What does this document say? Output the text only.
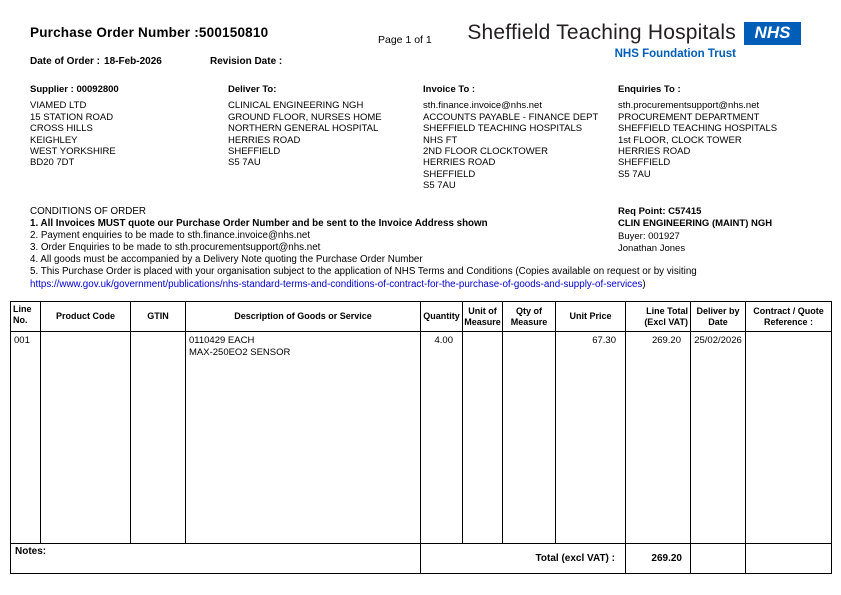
Purchase Order Number :500150810	Page 1 of 1 Sheffield Teaching Hospitals	NHS
NHS Foundation Trust
Date of Order : 18-Feb-2026	Revision Date :
Supplier : 00092800
VIAMED LTD
15 STATION ROAD
CROSS HILLS
KEIGHLEY
WEST YORKSHIRE
BD20 7DT
Deliver To:
CLINICAL ENGINEERING NGH
GROUND FLOOR, NURSES HOME
NORTHERN GENERAL HOSPITAL
HERRIES ROAD
SHEFFIELD
S5 7AU
Invoice To :
sth.finance.invoice@nhs.net
ACCOUNTS PAYABLE - FINANCE DEPT
SHEFFIELD TEACHING HOSPITALS
NHS FT
2ND FLOOR CLOCKTOWER
HERRIES ROAD
SHEFFIELD
S5 7AU
Enquiries To :
sth.procurementsupport@nhs.net
PROCUREMENT DEPARTMENT
SHEFFIELD TEACHING HOSPITALS
1st FLOOR, CLOCK TOWER
HERRIES ROAD
SHEFFIELD
S5 7AU
CONDITIONS OF ORDER
1. All Invoices MUST quote our Purchase Order Number and be sent to the Invoice Address shown
2. Payment enquiries to be made to sth.finance.invoice@nhs.net
3. Order Enquiries to be made to sth.procurementsupport@nhs.net
4. All goods must be accompanied by a Delivery Note quoting the Purchase Order Number
5. This Purchase Order is placed with your organisation subject to the application of NHS Terms and Conditions (Copies available on request or by visiting
https://www.gov.uk/government/publications/nhs-standard-terms-and-conditions-of-contract-for-the-purchase-of-goods-and-supply-of-services)
Req Point: C57415
CLIN ENGINEERING (MAINT) NGH
Buyer: 001927
Jonathan Jones
Line No.	Product Code	GTIN	Description of Goods or Service	Quantity	Unit of Measure	Qty of Measure	Unit Price	Line Total (Excl VAT)	Deliver by Date	Contract / Quote Reference :
001			0110429 EACH
MAX-250EO2 SENSOR	4.00			67.30	269.20	25/02/2026	
Notes:				Total (excl VAT) :				269.20		
